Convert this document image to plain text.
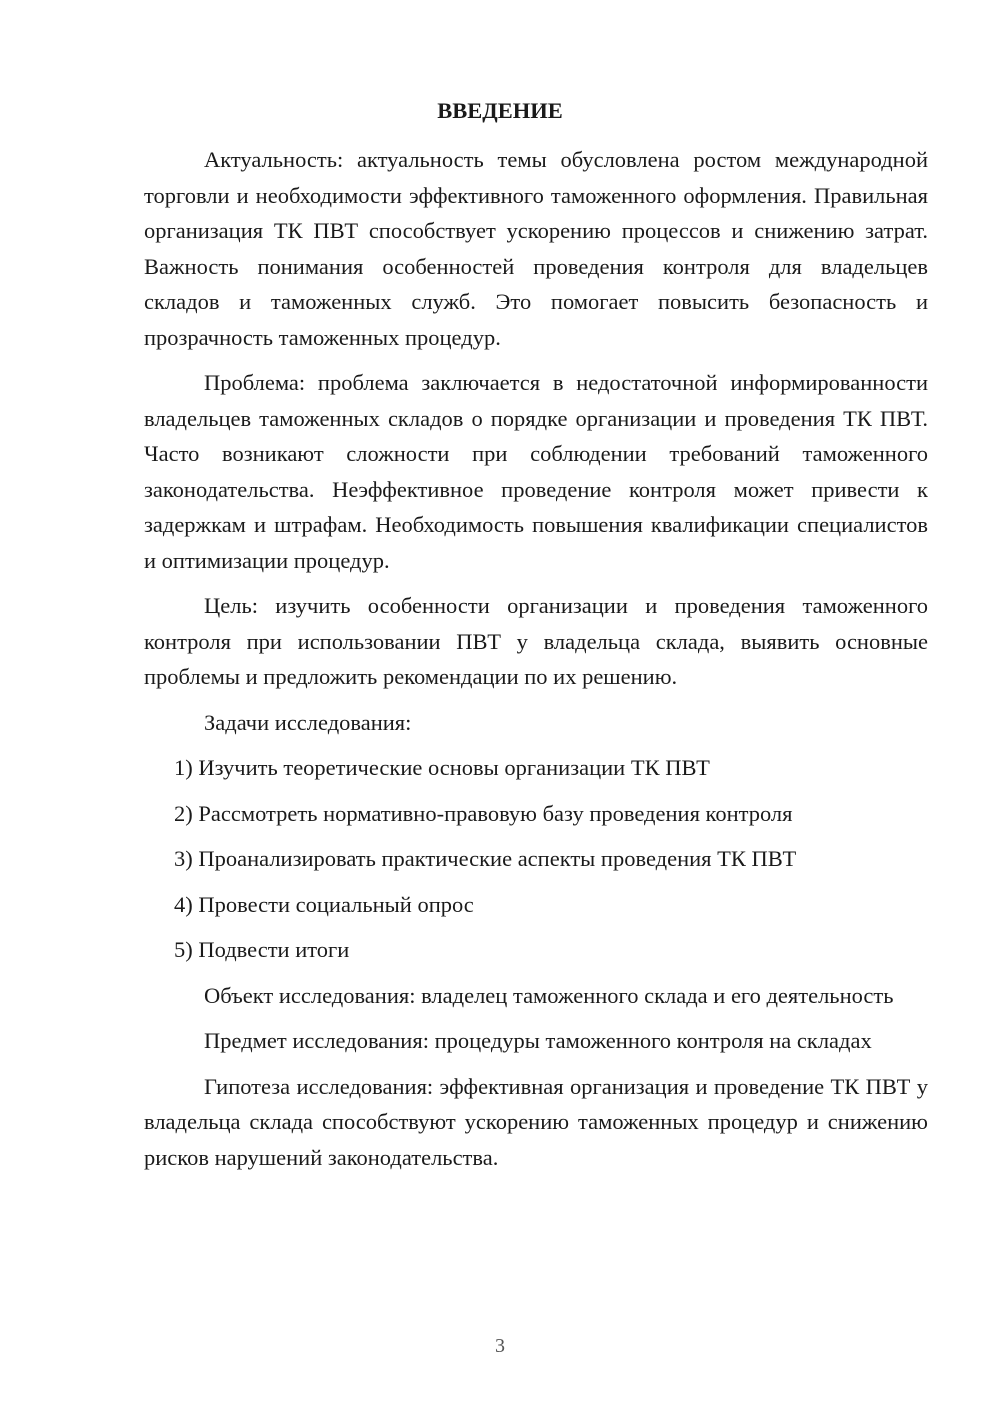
ВВЕДЕНИЕ

Актуальность: актуальность темы обусловлена ростом международной торговли и необходимости эффективного таможенного оформления. Правильная организация ТК ПВТ способствует ускорению процессов и снижению затрат. Важность понимания особенностей проведения контроля для владельцев складов и таможенных служб. Это помогает повысить безопасность и прозрачность таможенных процедур.

Проблема: проблема заключается в недостаточной информированности владельцев таможенных складов о порядке организации и проведения ТК ПВТ. Часто возникают сложности при соблюдении требований таможенного законодательства. Неэффективное проведение контроля может привести к задержкам и штрафам. Необходимость повышения квалификации специалистов и оптимизации процедур.

Цель: изучить особенности организации и проведения таможенного контроля при использовании ПВТ у владельца склада, выявить основные проблемы и предложить рекомендации по их решению.

Задачи исследования:

1) Изучить теоретические основы организации ТК ПВТ
2) Рассмотреть нормативно-правовую базу проведения контроля
3) Проанализировать практические аспекты проведения ТК ПВТ
4) Провести социальный опрос
5) Подвести итоги

Объект исследования: владелец таможенного склада и его деятельность

Предмет исследования: процедуры таможенного контроля на складах

Гипотеза исследования: эффективная организация и проведение ТК ПВТ у владельца склада способствуют ускорению таможенных процедур и снижению рисков нарушений законодательства.

3
